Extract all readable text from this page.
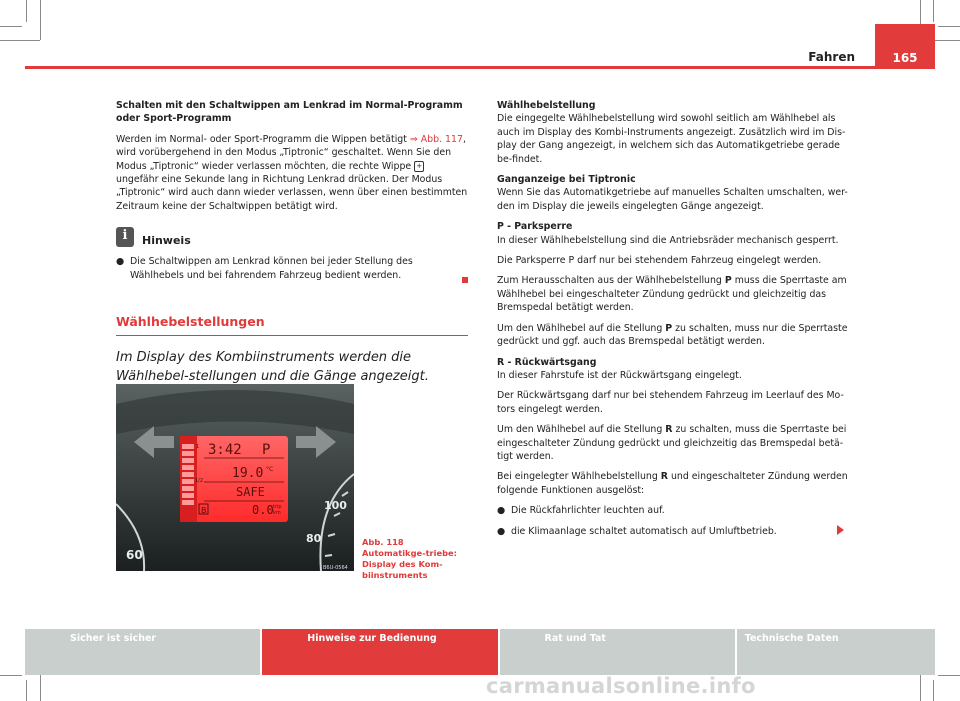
Fahren	165

Schalten mit den Schaltwippen am Lenkrad im Normal-Programm oder Sport-Programm

Werden im Normal- oder Sport-Programm die Wippen betätigt ⇒ Abb. 117, wird vorübergehend in den Modus „Tiptronic“ geschaltet. Wenn Sie den Modus „Tiptronic“ wieder verlassen möchten, die rechte Wippe + ungefähr eine Sekunde lang in Richtung Lenkrad drücken. Der Modus „Tiptronic“ wird auch dann wieder verlassen, wenn über einen bestimmten Zeitraum keine der Schaltwippen betätigt wird.

i	Hinweis
● Die Schaltwippen am Lenkrad können bei jeder Stellung des Wählhebels und bei fahrendem Fahrzeug bedient werden.
Wählhebelstellungen
Im Display des Kombiinstruments werden die Wählhebel-stellungen und die Gänge angezeigt.
1
1/2
3:42 P
19.0 °C
SAFE
B	0.0 trip
km
100
80
60
B6U-0564
Abb. 118 Automatikge-triebe: Display des Kom-biinstruments

Wählhebelstellung

Die eingegelte Wählhebelstellung wird sowohl seitlich am Wählhebel als auch im Display des Kombi-Instruments angezeigt. Zusätzlich wird im Dis-play der Gang angezeigt, in welchem sich das Automatikgetriebe gerade be-findet.

Ganganzeige bei Tiptronic

Wenn Sie das Automatikgetriebe auf manuelles Schalten umschalten, wer-den im Display die jeweils eingelegten Gänge angezeigt.

P - Parksperre

In dieser Wählhebelstellung sind die Antriebsräder mechanisch gesperrt.

Die Parksperre P darf nur bei stehendem Fahrzeug eingelegt werden.

Zum Herausschalten aus der Wählhebelstellung P muss die Sperrtaste am Wählhebel bei eingeschalteter Zündung gedrückt und gleichzeitig das Bremspedal betätigt werden.

Um den Wählhebel auf die Stellung P zu schalten, muss nur die Sperrtaste gedrückt und ggf. auch das Bremspedal betätigt werden.

R - Rückwärtsgang

In dieser Fahrstufe ist der Rückwärtsgang eingelegt.

Der Rückwärtsgang darf nur bei stehendem Fahrzeug im Leerlauf des Mo-tors eingelegt werden.

Um den Wählhebel auf die Stellung R zu schalten, muss die Sperrtaste bei eingeschalteter Zündung gedrückt und gleichzeitig das Bremspedal betä-tigt werden.

Bei eingelegter Wählhebelstellung R und eingeschalteter Zündung werden folgende Funktionen ausgelöst:

● Die Rückfahrlichter leuchten auf.
● die Klimaanlage schaltet automatisch auf Umluftbetrieb.
Sicher ist sicher	Hinweise zur Bedienung	Rat und Tat	Technische Daten
carmanualsonline.info
